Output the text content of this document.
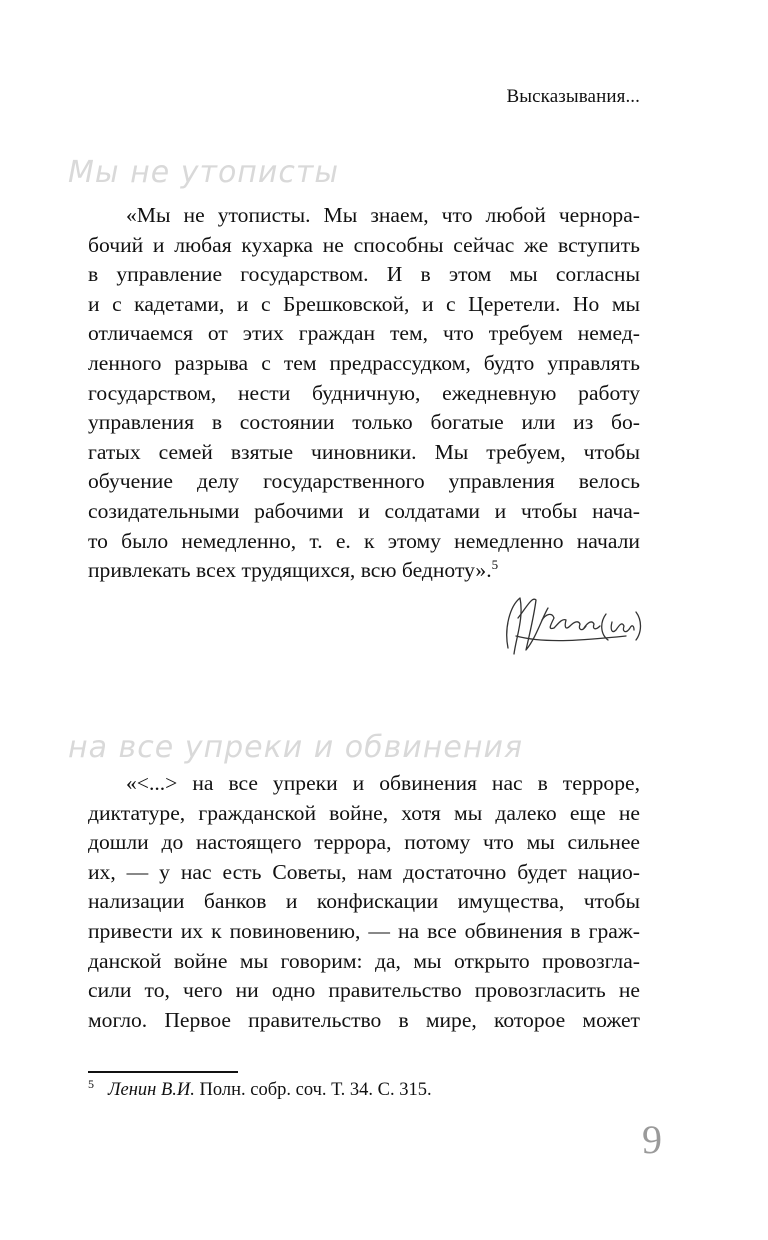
Высказывания...
Мы не утописты
«Мы не утописты. Мы знаем, что любой черноpa-
бочий и любая кухарка не способны сейчас же вступить
в управление государством. И в этом мы согласны
и с кадетами, и с Брешковской, и с Церетели. Но мы
отличаемся от этих граждан тем, что требуем немед-
ленного разрыва с тем предрассудком, будто управлять
государством, нести будничную, ежедневную работу
управления в состоянии только богатые или из бо-
гатых семей взятые чиновники. Мы требуем, чтобы
обучение делу государственного управления велось
созидательными рабочими и солдатами и чтобы нача-
то было немедленно, т. е. к этому немедленно начали
привлекать всех трудящихся, всю бедноту».$^5$
на все упреки и обвинения
«<...> на все упреки и обвинения нас в терроре,
диктатуре, гражданской войне, хотя мы далеко еще не
дошли до настоящего террора, потому что мы сильнее
их, — у нас есть Советы, нам достаточно будет нацио-
нализации банков и конфискации имущества, чтобы
привести их к повиновению, — на все обвинения в граж-
данской войне мы говорим: да, мы открыто провозгла-
сили то, чего ни одно правительство провозгласить не
могло. Первое правительство в мире, которое может
$^5$ Ленин В.И. Полн. собр. соч. Т. 34. С. 315.
9
